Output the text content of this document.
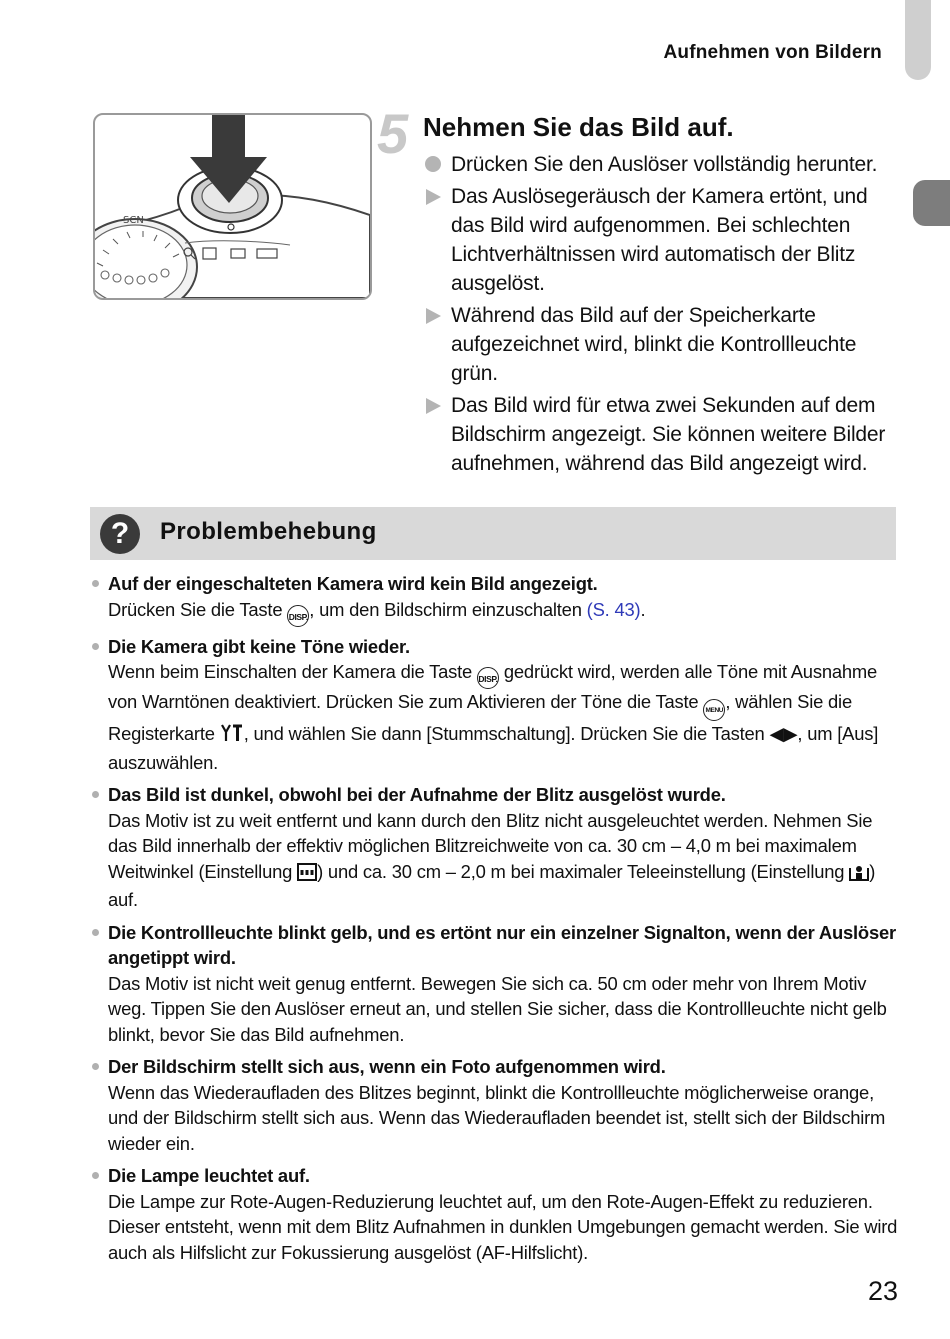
Aufnehmen von Bildern
SCN
5 Nehmen Sie das Bild auf.
Drücken Sie den Auslöser vollständig herunter.
Das Auslösegeräusch der Kamera ertönt, und das Bild wird aufgenommen. Bei schlechten Lichtverhältnissen wird automatisch der Blitz ausgelöst.
Während das Bild auf der Speicherkarte aufgezeichnet wird, blinkt die Kontrollleuchte grün.
Das Bild wird für etwa zwei Sekunden auf dem Bildschirm angezeigt. Sie können weitere Bilder aufnehmen, während das Bild angezeigt wird.
?	Problembehebung
Auf der eingeschalteten Kamera wird kein Bild angezeigt.
Drücken Sie die Taste DISP., um den Bildschirm einzuschalten (S. 43).
Die Kamera gibt keine Töne wieder.
Wenn beim Einschalten der Kamera die Taste DISP. gedrückt wird, werden alle Töne mit Ausnahme von Warntönen deaktiviert. Drücken Sie zum Aktivieren der Töne die Taste MENU , wählen Sie die Registerkarte , und wählen Sie dann [Stummschaltung]. Drücken Sie die Tasten ◀▶, um [Aus] auszuwählen.
Das Bild ist dunkel, obwohl bei der Aufnahme der Blitz ausgelöst wurde.
Das Motiv ist zu weit entfernt und kann durch den Blitz nicht ausgeleuchtet werden. Nehmen Sie das Bild innerhalb der effektiv möglichen Blitzreichweite von ca. 30 cm – 4,0 m bei maximalem Weitwinkel (Einstellung ) und ca. 30 cm – 2,0 m bei maximaler Teleeinstellung (Einstellung ) auf.
Die Kontrollleuchte blinkt gelb, und es ertönt nur ein einzelner Signalton, wenn der Auslöser angetippt wird.
Das Motiv ist nicht weit genug entfernt. Bewegen Sie sich ca. 50 cm oder mehr von Ihrem Motiv weg. Tippen Sie den Auslöser erneut an, und stellen Sie sicher, dass die Kontrollleuchte nicht gelb blinkt, bevor Sie das Bild aufnehmen.
Der Bildschirm stellt sich aus, wenn ein Foto aufgenommen wird.
Wenn das Wiederaufladen des Blitzes beginnt, blinkt die Kontrollleuchte möglicherweise orange, und der Bildschirm stellt sich aus. Wenn das Wiederaufladen beendet ist, stellt sich der Bildschirm wieder ein.
Die Lampe leuchtet auf.
Die Lampe zur Rote-Augen-Reduzierung leuchtet auf, um den Rote-Augen-Effekt zu reduzieren. Dieser entsteht, wenn mit dem Blitz Aufnahmen in dunklen Umgebungen gemacht werden. Sie wird auch als Hilfslicht zur Fokussierung ausgelöst (AF-Hilfslicht).
23
